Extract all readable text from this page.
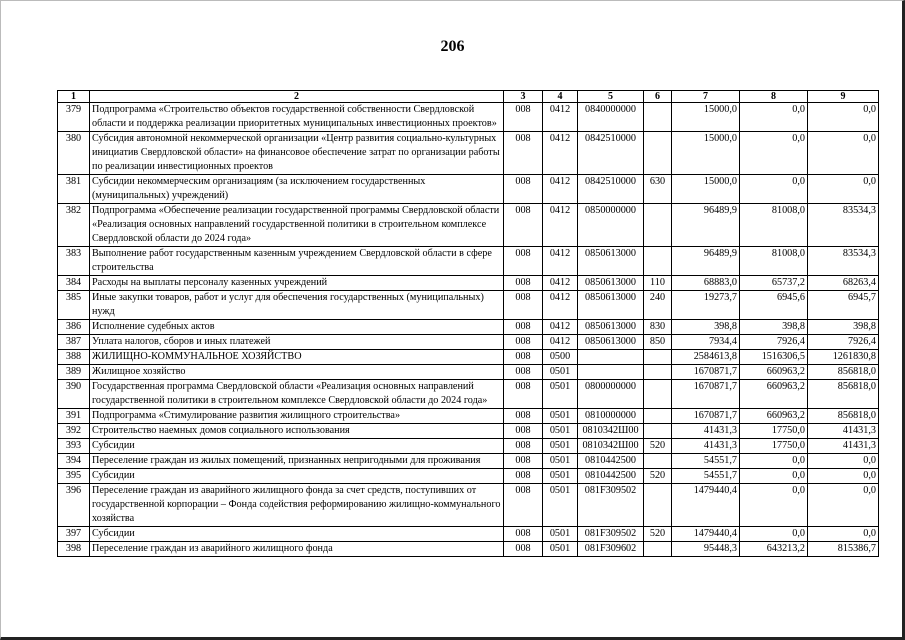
206
1	2	3	4	5	6	7	8	9
379	Подпрограмма «Строительство объектов государственной собственности Свердловской области и поддержка реализации приоритетных муниципальных инвестиционных проектов»	008	0412	0840000000		15000,0	0,0	0,0
380	Субсидия автономной некоммерческой организации «Центр развития социально-культурных инициатив Свердловской области» на финансовое обеспечение затрат по организации работы по реализации инвестиционных проектов	008	0412	0842510000		15000,0	0,0	0,0
381	Субсидии некоммерческим организациям (за исключением государственных (муниципальных) учреждений)	008	0412	0842510000	630	15000,0	0,0	0,0
382	Подпрограмма «Обеспечение реализации государственной программы Свердловской области «Реализация основных направлений государственной политики в строительном комплексе Свердловской области до 2024 года»	008	0412	0850000000		96489,9	81008,0	83534,3
383	Выполнение работ государственным казенным учреждением Свердловской области в сфере строительства	008	0412	0850613000		96489,9	81008,0	83534,3
384	Расходы на выплаты персоналу казенных учреждений	008	0412	0850613000	110	68883,0	65737,2	68263,4
385	Иные закупки товаров, работ и услуг для обеспечения государственных (муниципальных) нужд	008	0412	0850613000	240	19273,7	6945,6	6945,7
386	Исполнение судебных актов	008	0412	0850613000	830	398,8	398,8	398,8
387	Уплата налогов, сборов и иных платежей	008	0412	0850613000	850	7934,4	7926,4	7926,4
388	ЖИЛИЩНО-КОММУНАЛЬНОЕ ХОЗЯЙСТВО	008	0500			2584613,8	1516306,5	1261830,8
389	Жилищное хозяйство	008	0501			1670871,7	660963,2	856818,0
390	Государственная программа Свердловской области «Реализация основных направлений государственной политики в строительном комплексе Свердловской области до 2024 года»	008	0501	0800000000		1670871,7	660963,2	856818,0
391	Подпрограмма «Стимулирование развития жилищного строительства»	008	0501	0810000000		1670871,7	660963,2	856818,0
392	Строительство наемных домов социального использования	008	0501	0810342Ш00		41431,3	17750,0	41431,3
393	Субсидии	008	0501	0810342Ш00	520	41431,3	17750,0	41431,3
394	Переселение граждан из жилых помещений, признанных непригодными для проживания	008	0501	0810442500		54551,7	0,0	0,0
395	Субсидии	008	0501	0810442500	520	54551,7	0,0	0,0
396	Переселение граждан из аварийного жилищного фонда за счет средств, поступивших от государственной корпорации – Фонда содействия реформированию жилищно-коммунального хозяйства	008	0501	081F309502		1479440,4	0,0	0,0
397	Субсидии	008	0501	081F309502	520	1479440,4	0,0	0,0
398	Переселение граждан из аварийного жилищного фонда	008	0501	081F309602		95448,3	643213,2	815386,7
